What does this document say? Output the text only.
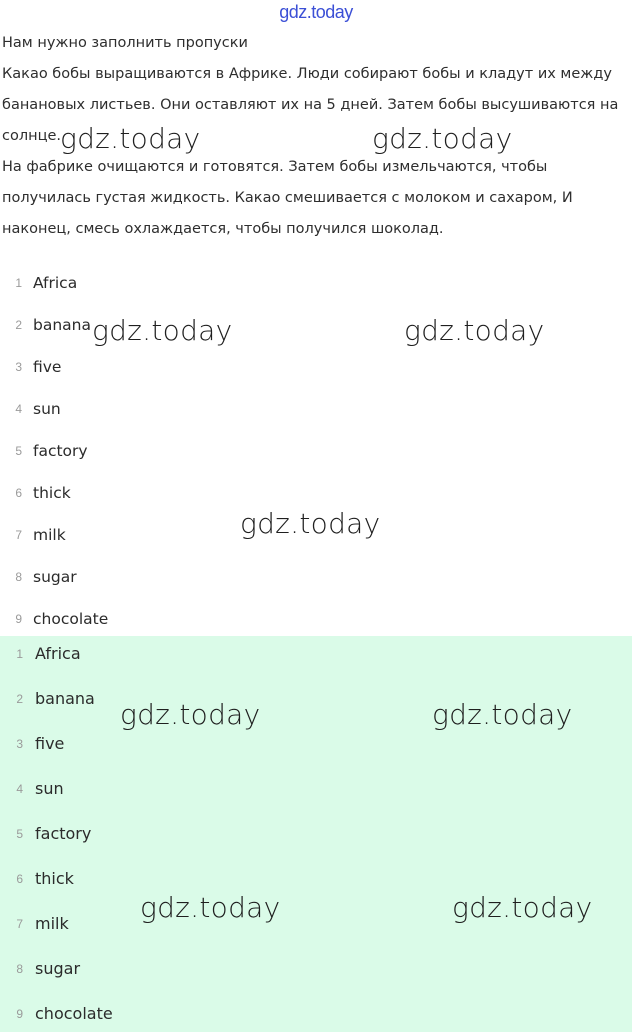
gdz.today

Нам нужно заполнить пропуски

Какао бобы выращиваются в Африке. Люди собирают бобы и кладут их между

банановых листьев. Они оставляют их на 5 дней. Затем бобы высушиваются на

солнце.

На фабрике очищаются и готовятся. Затем бобы измельчаются, чтобы

получилась густая жидкость. Какао смешивается с молоком и сахаром, И

наконец, смесь охлаждается, чтобы получился шоколад.

1 Africa
2 banana
3 five
4 sun
5 factory
6 thick
7 milk
8 sugar
9 chocolate
1 Africa
2 banana
3 five
4 sun
5 factory
6 thick
7 milk
8 sugar
9 chocolate
gdz.today	gdz.today
gdz.today	gdz.today
gdz.today
gdz.today	gdz.today
gdz.today	gdz.today
